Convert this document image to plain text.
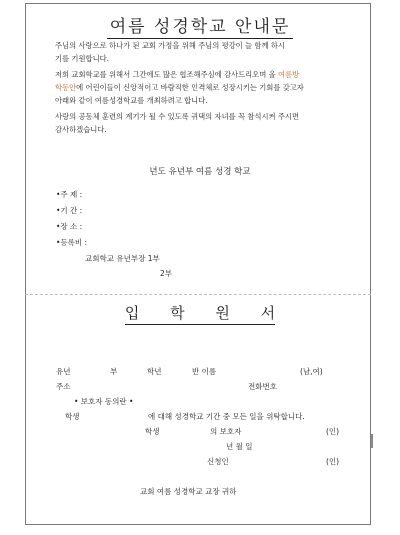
여름 성경학교 안내문
주님의 사랑으로 하나가 된 교회 가정을 위해 주님의 평강이 늘 함께 하시
기를 기원합니다.
저희 교회학교를 위해서 그간에도 많은 협조해주심에 감사드리오며 올 여름방
학동안에 어린이들이 신앙적이고 바람직한 인격체로 성장시키는 기회를 갖고자
아래와 같이 여름성경학교를 개최하려고 합니다.
사랑의 공동체 훈련의 계기가 될 수 있도록 귀댁의 자녀를 꼭 참석시켜 주시면
감사하겠습니다.
년도 유년부 여름 성경 학교
•주 제 :
•기 간 :
•장 소 :
•등록비 :
교회학교 유년부장 1부
2부
입 학 원 서
유년	부	학년	반 이름	(남,여)
주소	전화번호
• 보호자 동의란 •
학생	에 대해 성경학교 기간 중 모든 일을 위탁합니다.
학생	의 보호자	(인)
년 월 일
신청인	(인)
교회 여름 성경학교 교장 귀하
